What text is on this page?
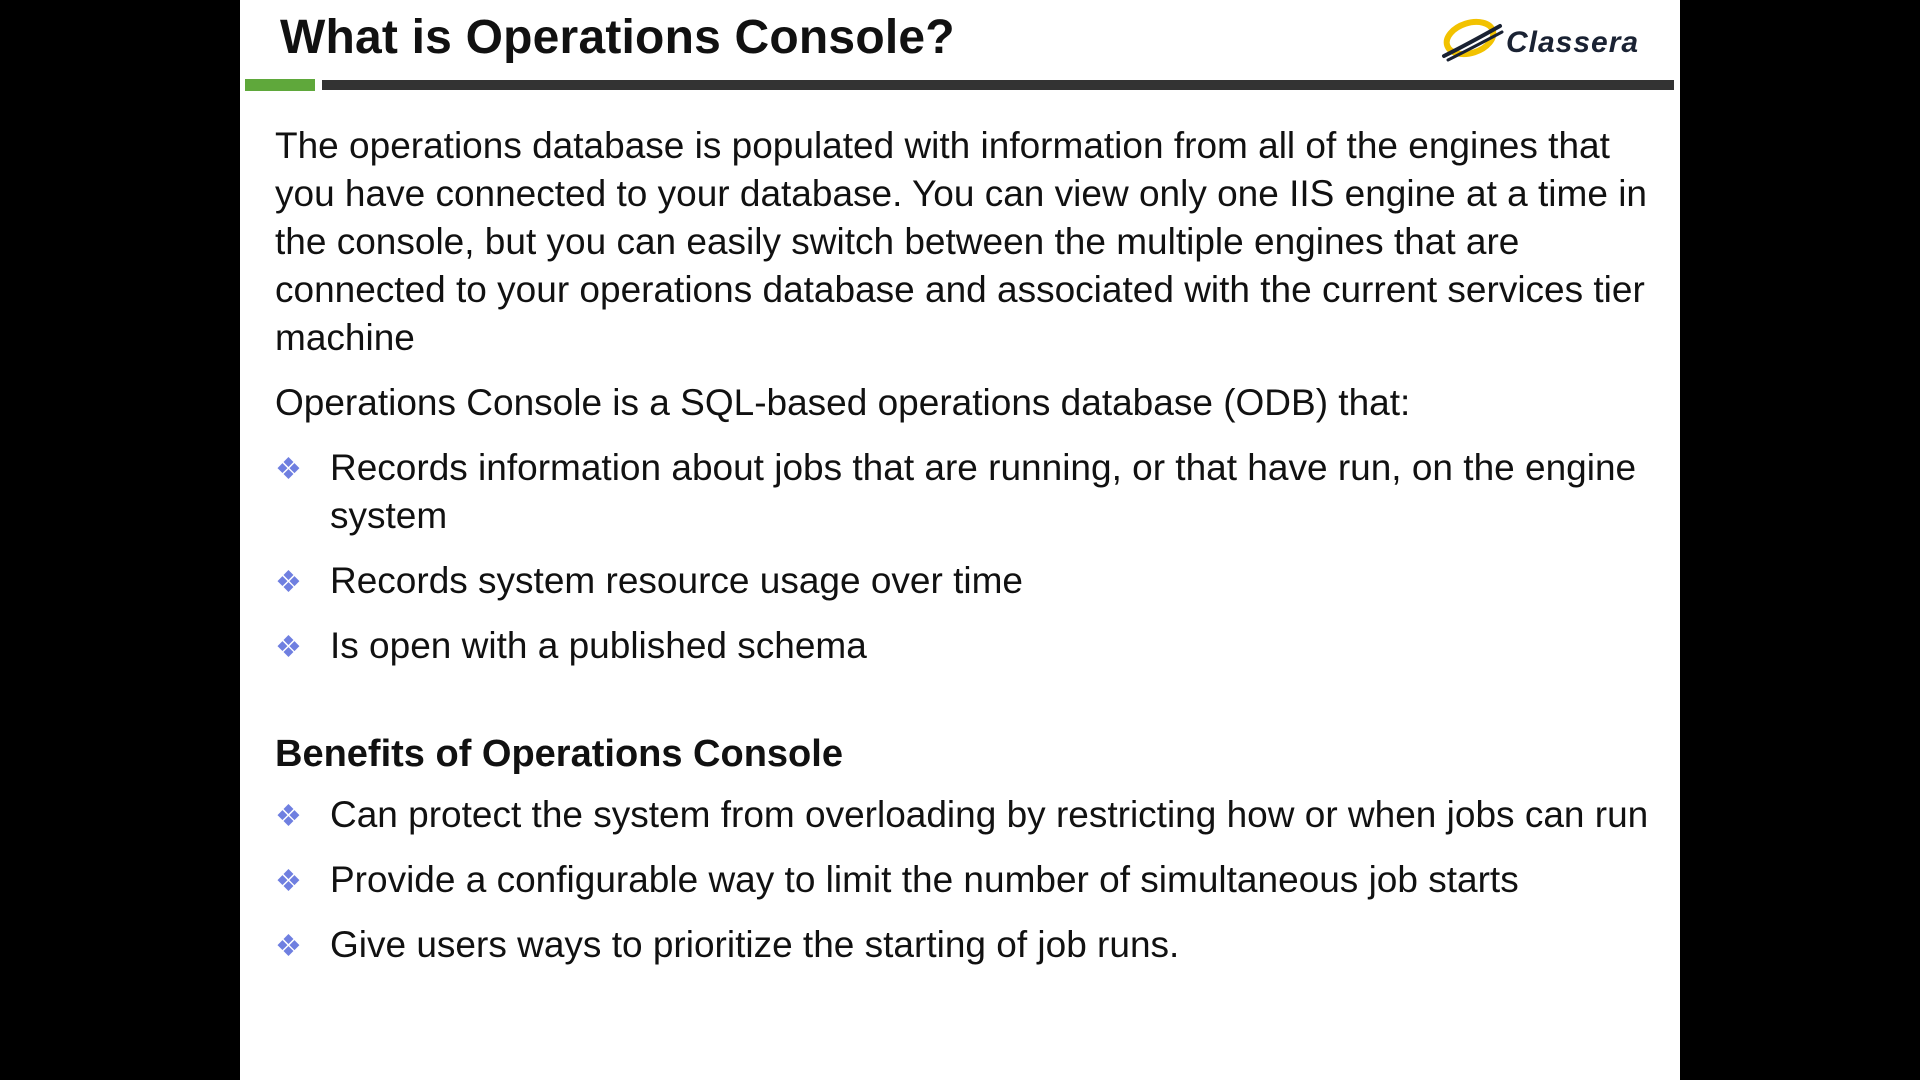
What is Operations Console?	Classera

The operations database is populated with information from all of the engines that you have connected to your database. You can view only one IIS engine at a time in the console, but you can easily switch between the multiple engines that are connected to your operations database and associated with the current services tier machine

Operations Console is a SQL-based operations database (ODB) that:

❖ Records information about jobs that are running, or that have run, on the engine system
❖ Records system resource usage over time
❖ Is open with a published schema
Benefits of Operations Console
❖ Can protect the system from overloading by restricting how or when jobs can run
❖ Provide a configurable way to limit the number of simultaneous job starts
❖ Give users ways to prioritize the starting of job runs.
